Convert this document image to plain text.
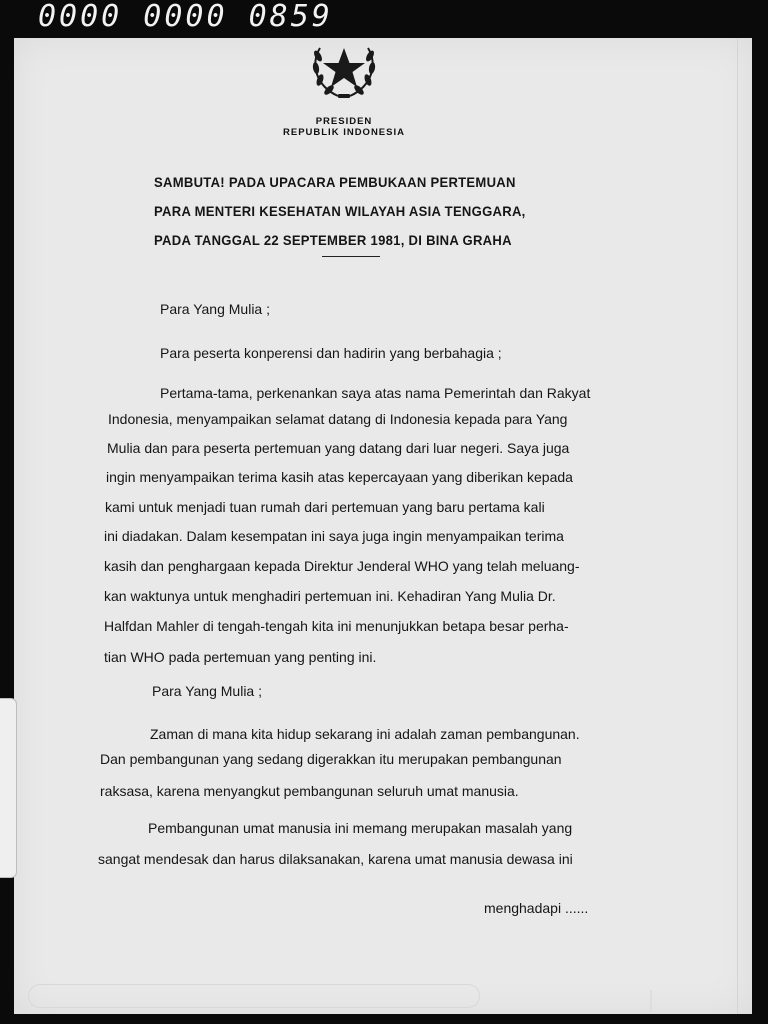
0000 0000 0859
PRESIDEN
REPUBLIK INDONESIA
SAMBUTA! PADA UPACARA PEMBUKAAN PERTEMUAN
PARA MENTERI KESEHATAN WILAYAH ASIA TENGGARA,
PADA TANGGAL 22 SEPTEMBER 1981, DI BINA GRAHA
Para Yang Mulia ;
Para peserta konperensi dan hadirin yang berbahagia ;
Pertama-tama, perkenankan saya atas nama Pemerintah dan Rakyat
Indonesia, menyampaikan selamat datang di Indonesia kepada para Yang
Mulia dan para peserta pertemuan yang datang dari luar negeri. Saya juga
ingin menyampaikan terima kasih atas kepercayaan yang diberikan kepada
kami untuk menjadi tuan rumah dari pertemuan yang baru pertama kali
ini diadakan. Dalam kesempatan ini saya juga ingin menyampaikan terima
kasih dan penghargaan kepada Direktur Jenderal WHO yang telah meluang-
kan waktunya untuk menghadiri pertemuan ini. Kehadiran Yang Mulia Dr.
Halfdan Mahler di tengah-tengah kita ini menunjukkan betapa besar perha-
tian WHO pada pertemuan yang penting ini.
Para Yang Mulia ;
Zaman di mana kita hidup sekarang ini adalah zaman pembangunan.
Dan pembangunan yang sedang digerakkan itu merupakan pembangunan
raksasa, karena menyangkut pembangunan seluruh umat manusia.
Pembangunan umat manusia ini memang merupakan masalah yang
sangat mendesak dan harus dilaksanakan, karena umat manusia dewasa ini
menghadapi ......
